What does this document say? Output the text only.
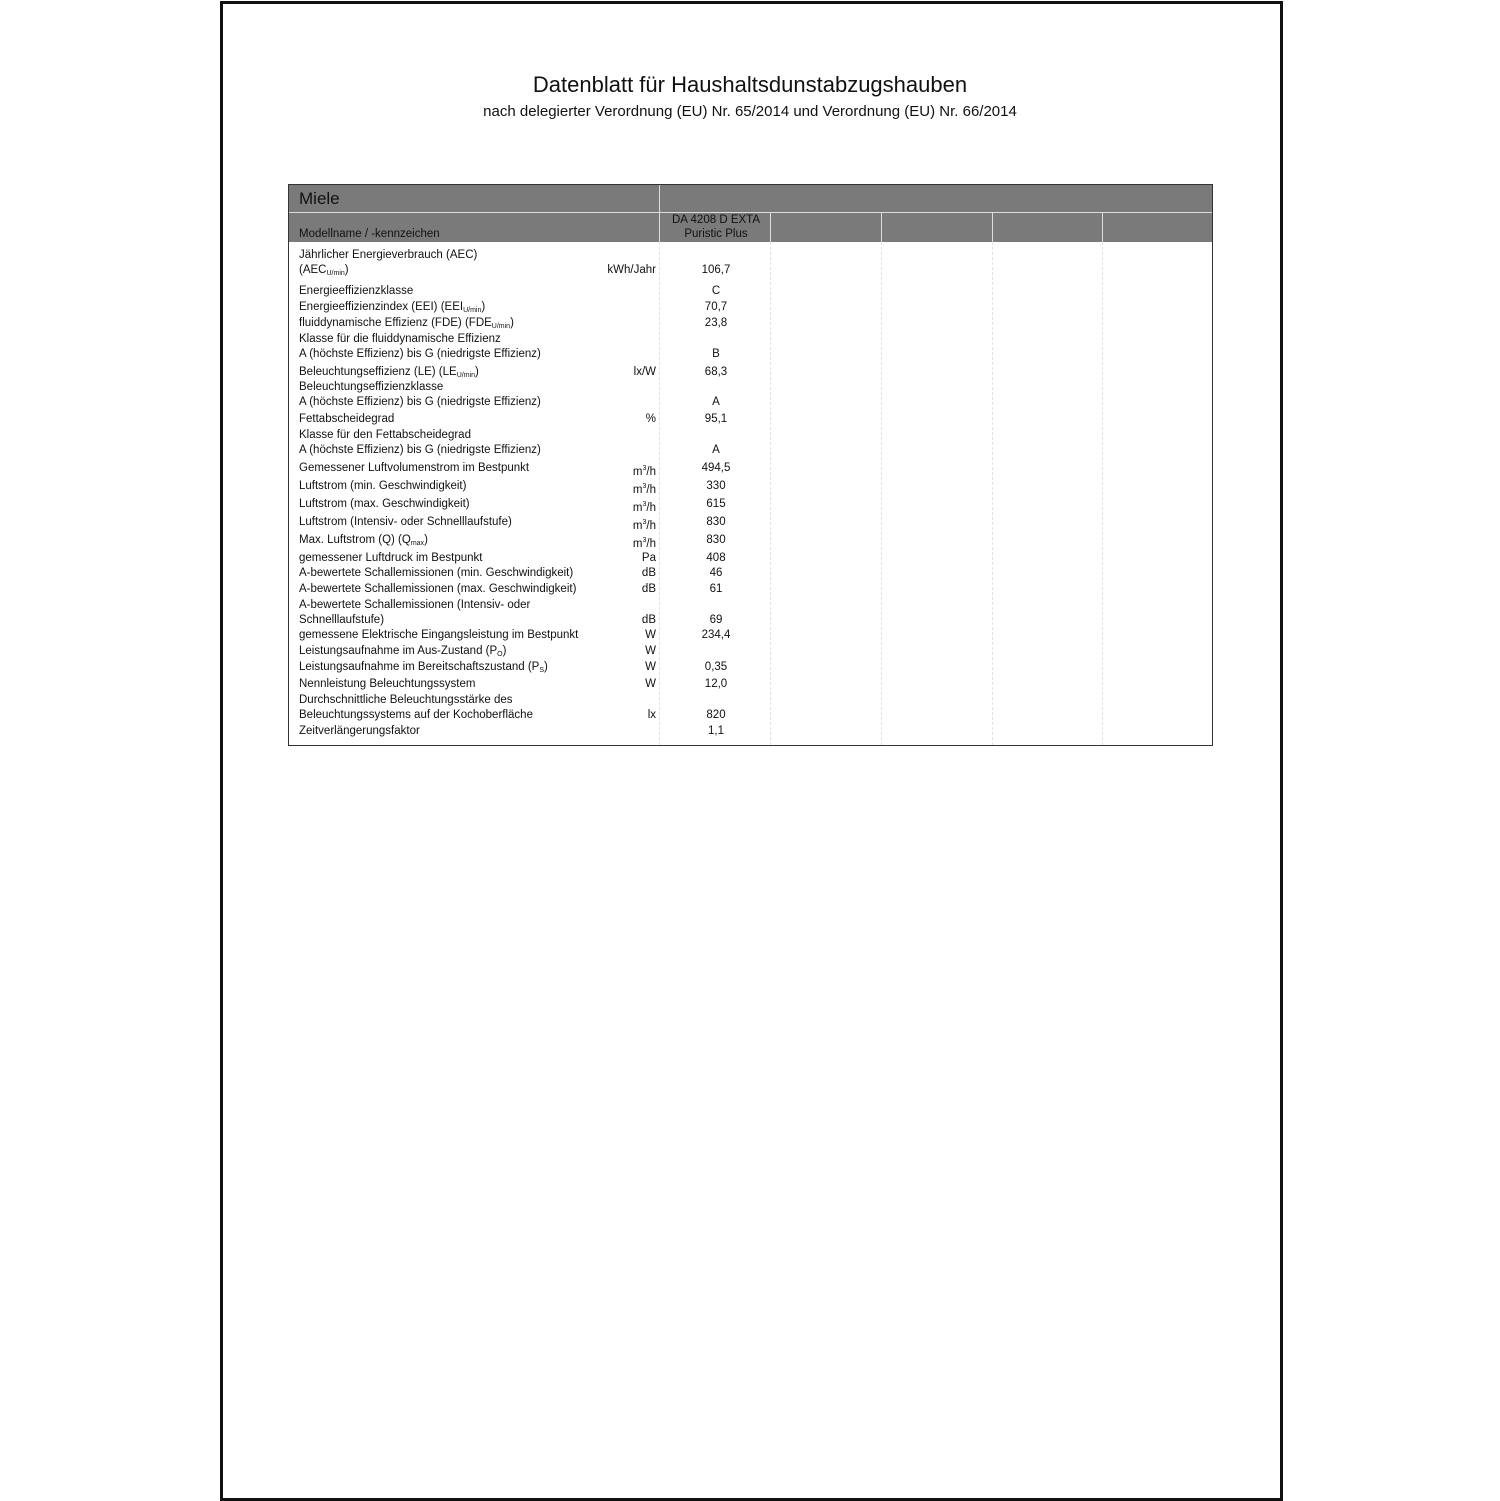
Datenblatt für Haushaltsdunstabzugshauben
nach delegierter Verordnung (EU) Nr. 65/2014 und Verordnung (EU) Nr. 66/2014
Miele
Modellname / -kennzeichen
DA 4208 D EXTA
Puristic Plus
Jährlicher Energieverbrauch (AEC)
$(AEC_{U/min})$	kWh/Jahr	106,7
Energieeffizienzklasse	C
Energieeffizienzindex (EEI) $(EEI_{U/min})$	70,7
fluiddynamische Effizienz (FDE) $(FDE_{U/min})$	23,8
Klasse für die fluiddynamische Effizienz
A (höchste Effizienz) bis G (niedrigste Effizienz)	B
Beleuchtungseffizienz (LE) $(LE_{U/min})$	lx/W	68,3
Beleuchtungseffizienzklasse
A (höchste Effizienz) bis G (niedrigste Effizienz)	A
Fettabscheidegrad	%	95,1
Klasse für den Fettabscheidegrad
A (höchste Effizienz) bis G (niedrigste Effizienz)	A
Gemessener Luftvolumenstrom im Bestpunkt	$m^3/h$	494,5
Luftstrom (min. Geschwindigkeit)	$m^3/h$	330
Luftstrom (max. Geschwindigkeit)	$m^3/h$	615
Luftstrom (Intensiv- oder Schnelllaufstufe)	$m^3/h$	830
Max. Luftstrom (Q) $(Q_{max})$	$m^3/h$	830
gemessener Luftdruck im Bestpunkt	Pa	408
A-bewertete Schallemissionen (min. Geschwindigkeit)	dB	46
A-bewertete Schallemissionen (max. Geschwindigkeit)	dB	61
A-bewertete Schallemissionen (Intensiv- oder
Schnelllaufstufe)	dB	69
gemessene Elektrische Eingangsleistung im Bestpunkt	W	234,4
Leistungsaufnahme im Aus-Zustand $(P_O)$	W
Leistungsaufnahme im Bereitschaftszustand $(P_S)$	W	0,35
Nennleistung Beleuchtungssystem	W	12,0
Durchschnittliche Beleuchtungsstärke des
Beleuchtungssystems auf der Kochoberfläche	lx	820
Zeitverlängerungsfaktor	1,1
